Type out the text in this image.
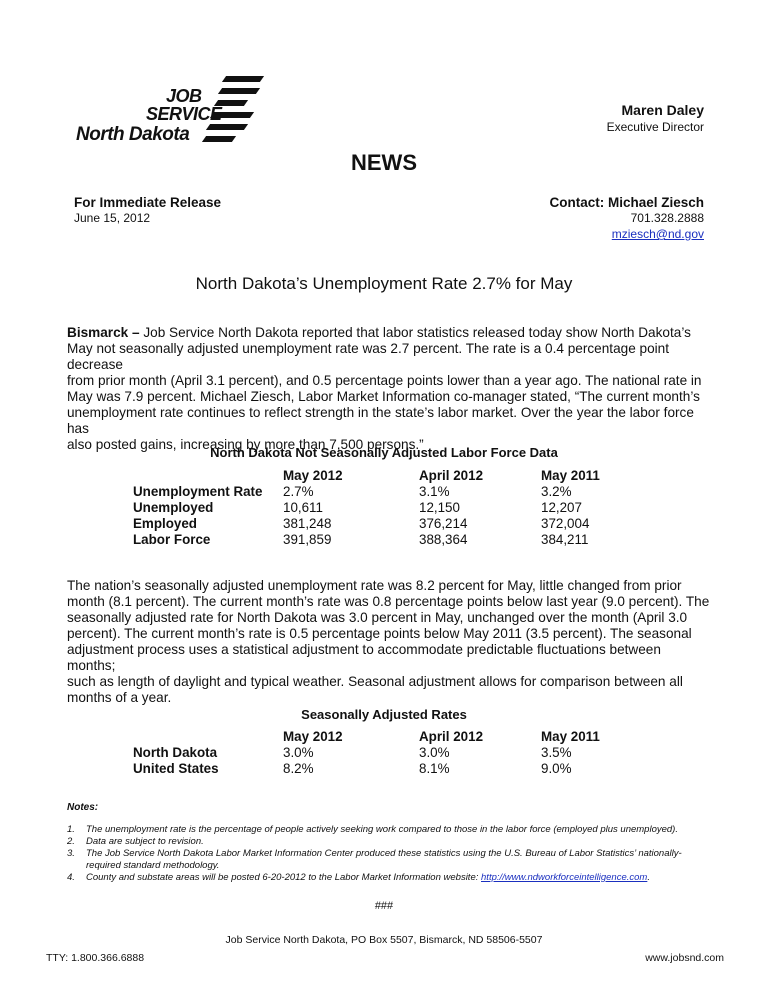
JOB
SERVICE
North Dakota
Maren Daley
Executive Director
NEWS
For Immediate Release
June 15, 2012
Contact: Michael Ziesch
701.328.2888
mziesch@nd.gov
North Dakota’s Unemployment Rate 2.7% for May
Bismarck – Job Service North Dakota reported that labor statistics released today show North Dakota’s
May not seasonally adjusted unemployment rate was 2.7 percent. The rate is a 0.4 percentage point decrease
from prior month (April 3.1 percent), and 0.5 percentage points lower than a year ago. The national rate in
May was 7.9 percent. Michael Ziesch, Labor Market Information co-manager stated, “The current month’s
unemployment rate continues to reflect strength in the state’s labor market. Over the year the labor force has
also posted gains, increasing by more than 7,500 persons.”
North Dakota Not Seasonally Adjusted Labor Force Data
May 2012	April 2012	May 2011
Unemployment Rate 2.7%	3.1%	3.2%
Unemployed	10,611	12,150	12,207
Employed	381,248	376,214	372,004
Labor Force	391,859	388,364	384,211
The nation’s seasonally adjusted unemployment rate was 8.2 percent for May, little changed from prior
month (8.1 percent). The current month’s rate was 0.8 percentage points below last year (9.0 percent). The
seasonally adjusted rate for North Dakota was 3.0 percent in May, unchanged over the month (April 3.0
percent). The current month’s rate is 0.5 percentage points below May 2011 (3.5 percent). The seasonal
adjustment process uses a statistical adjustment to accommodate predictable fluctuations between months;
such as length of daylight and typical weather. Seasonal adjustment allows for comparison between all
months of a year.
Seasonally Adjusted Rates
May 2012	April 2012	May 2011
North Dakota	3.0%	3.0%	3.5%
United States	8.2%	8.1%	9.0%
Notes:
1. The unemployment rate is the percentage of people actively seeking work compared to those in the labor force (employed plus unemployed).
2. Data are subject to revision.
3. The Job Service North Dakota Labor Market Information Center produced these statistics using the U.S. Bureau of Labor Statistics’ nationally-
required standard methodology.
4. County and substate areas will be posted 6-20-2012 to the Labor Market Information website: http://www.ndworkforceintelligence.com.
###
Job Service North Dakota, PO Box 5507, Bismarck, ND 58506-5507
TTY: 1.800.366.6888	www.jobsnd.com
